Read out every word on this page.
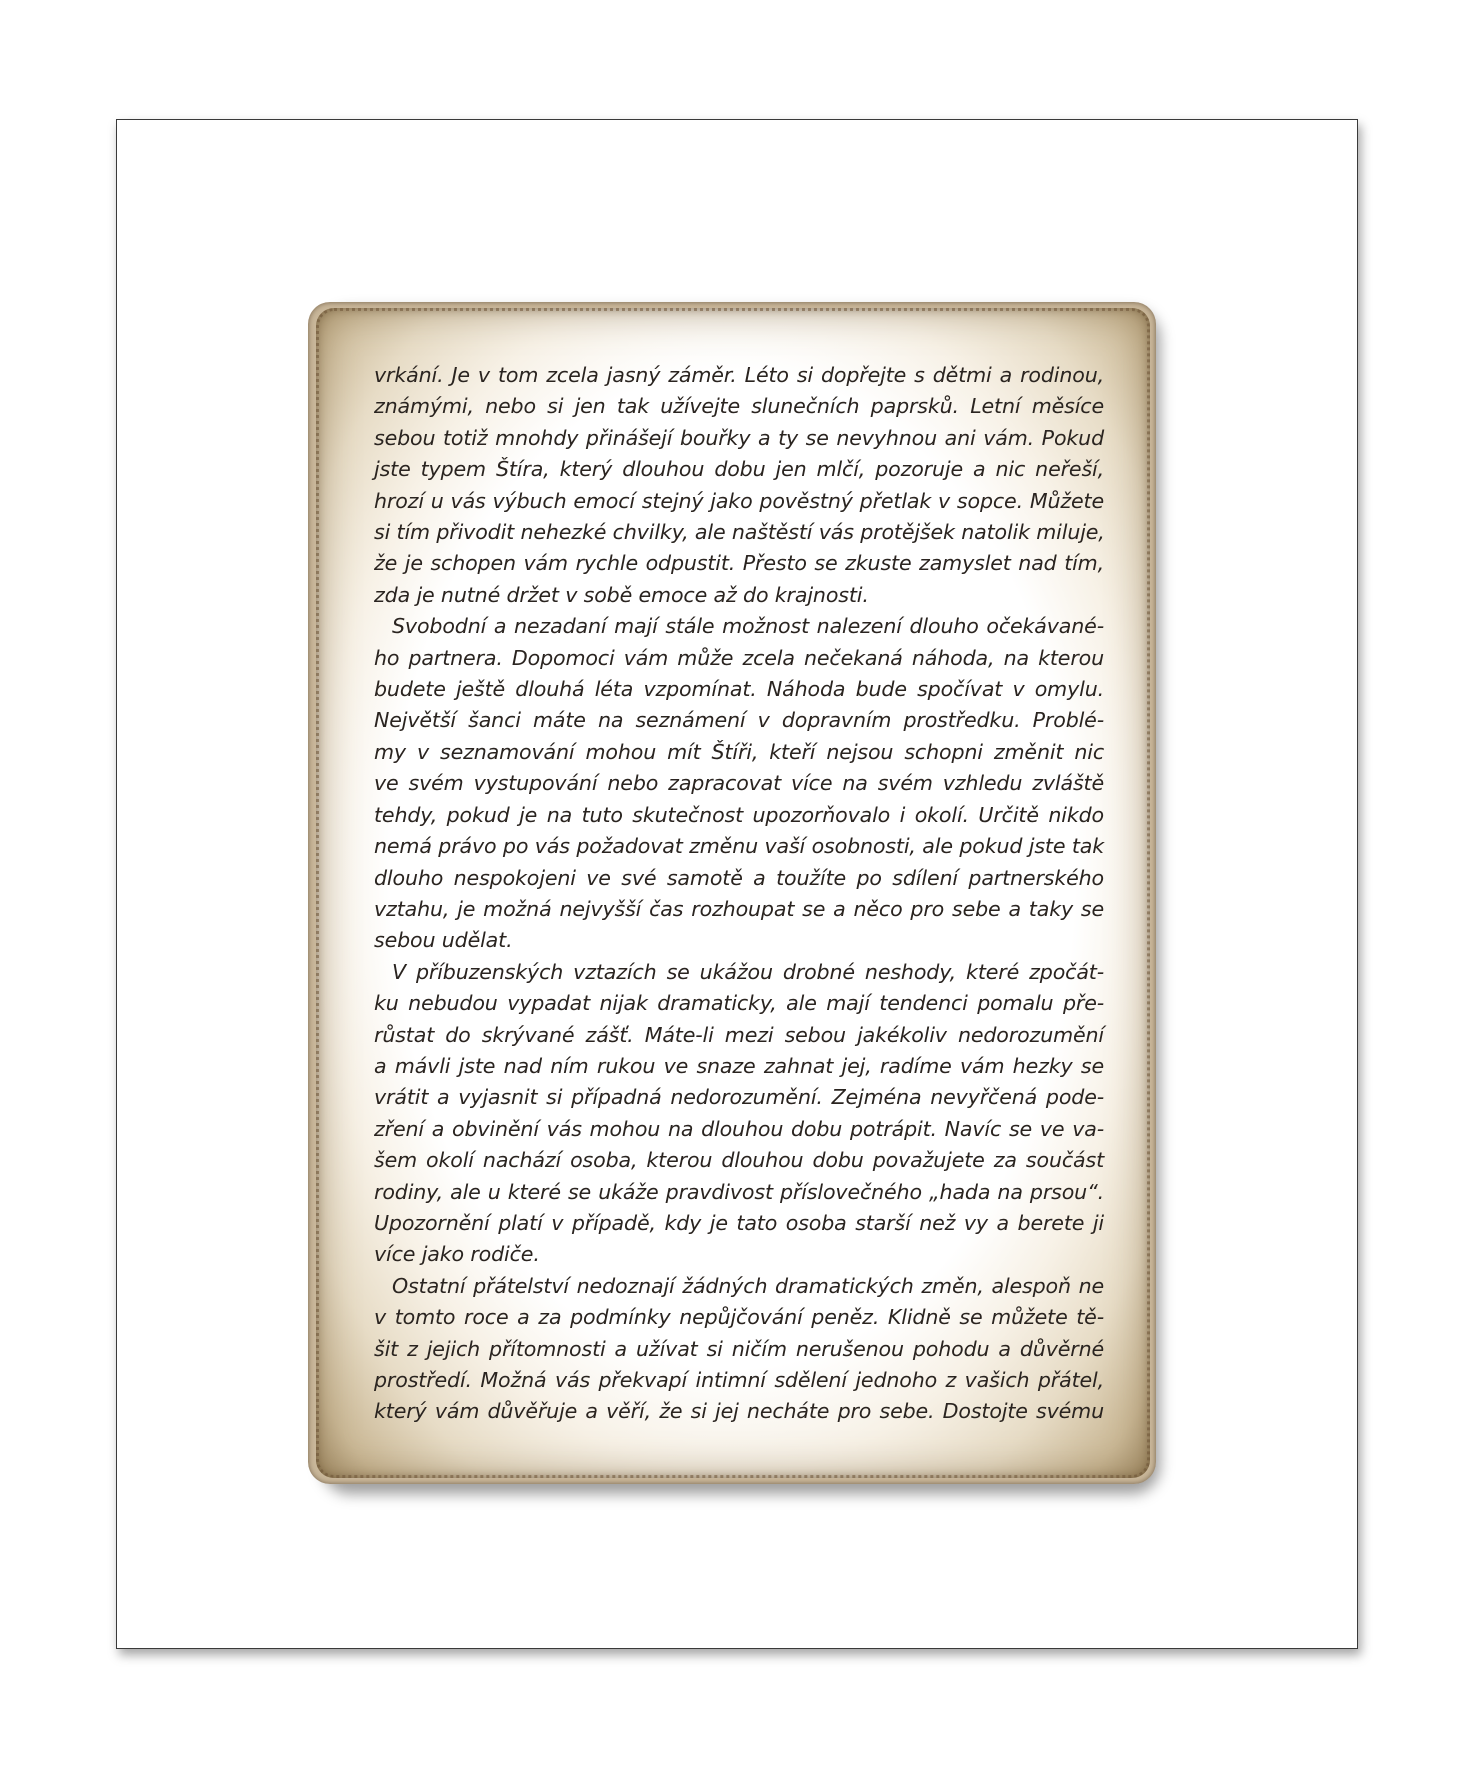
vrkání. Je v tom zcela jasný záměr. Léto si dopřejte s dětmi a rodinou,
známými, nebo si jen tak užívejte slunečních paprsků. Letní měsíce
sebou totiž mnohdy přinášejí bouřky a ty se nevyhnou ani vám. Pokud
jste typem Štíra, který dlouhou dobu jen mlčí, pozoruje a nic neřeší,
hrozí u vás výbuch emocí stejný jako pověstný přetlak v sopce. Můžete
si tím přivodit nehezké chvilky, ale naštěstí vás protějšek natolik miluje,
že je schopen vám rychle odpustit. Přesto se zkuste zamyslet nad tím,
zda je nutné držet v sobě emoce až do krajnosti.
Svobodní a nezadaní mají stále možnost nalezení dlouho očekávané-
ho partnera. Dopomoci vám může zcela nečekaná náhoda, na kterou
budete ještě dlouhá léta vzpomínat. Náhoda bude spočívat v omylu.
Největší šanci máte na seznámení v dopravním prostředku. Problé-
my v seznamování mohou mít Štíři, kteří nejsou schopni změnit nic
ve svém vystupování nebo zapracovat více na svém vzhledu zvláště
tehdy, pokud je na tuto skutečnost upozorňovalo i okolí. Určitě nikdo
nemá právo po vás požadovat změnu vaší osobnosti, ale pokud jste tak
dlouho nespokojeni ve své samotě a toužíte po sdílení partnerského
vztahu, je možná nejvyšší čas rozhoupat se a něco pro sebe a taky se
sebou udělat.
V příbuzenských vztazích se ukážou drobné neshody, které zpočát-
ku nebudou vypadat nijak dramaticky, ale mají tendenci pomalu pře-
růstat do skrývané zášť. Máte-li mezi sebou jakékoliv nedorozumění
a mávli jste nad ním rukou ve snaze zahnat jej, radíme vám hezky se
vrátit a vyjasnit si případná nedorozumění. Zejména nevyřčená pode-
zření a obvinění vás mohou na dlouhou dobu potrápit. Navíc se ve va-
šem okolí nachází osoba, kterou dlouhou dobu považujete za součást
rodiny, ale u které se ukáže pravdivost příslovečného „hada na prsou“.
Upozornění platí v případě, kdy je tato osoba starší než vy a berete ji
více jako rodiče.
Ostatní přátelství nedoznají žádných dramatických změn, alespoň ne
v tomto roce a za podmínky nepůjčování peněz. Klidně se můžete tě-
šit z jejich přítomnosti a užívat si ničím nerušenou pohodu a důvěrné
prostředí. Možná vás překvapí intimní sdělení jednoho z vašich přátel,
který vám důvěřuje a věří, že si jej necháte pro sebe. Dostojte svému
